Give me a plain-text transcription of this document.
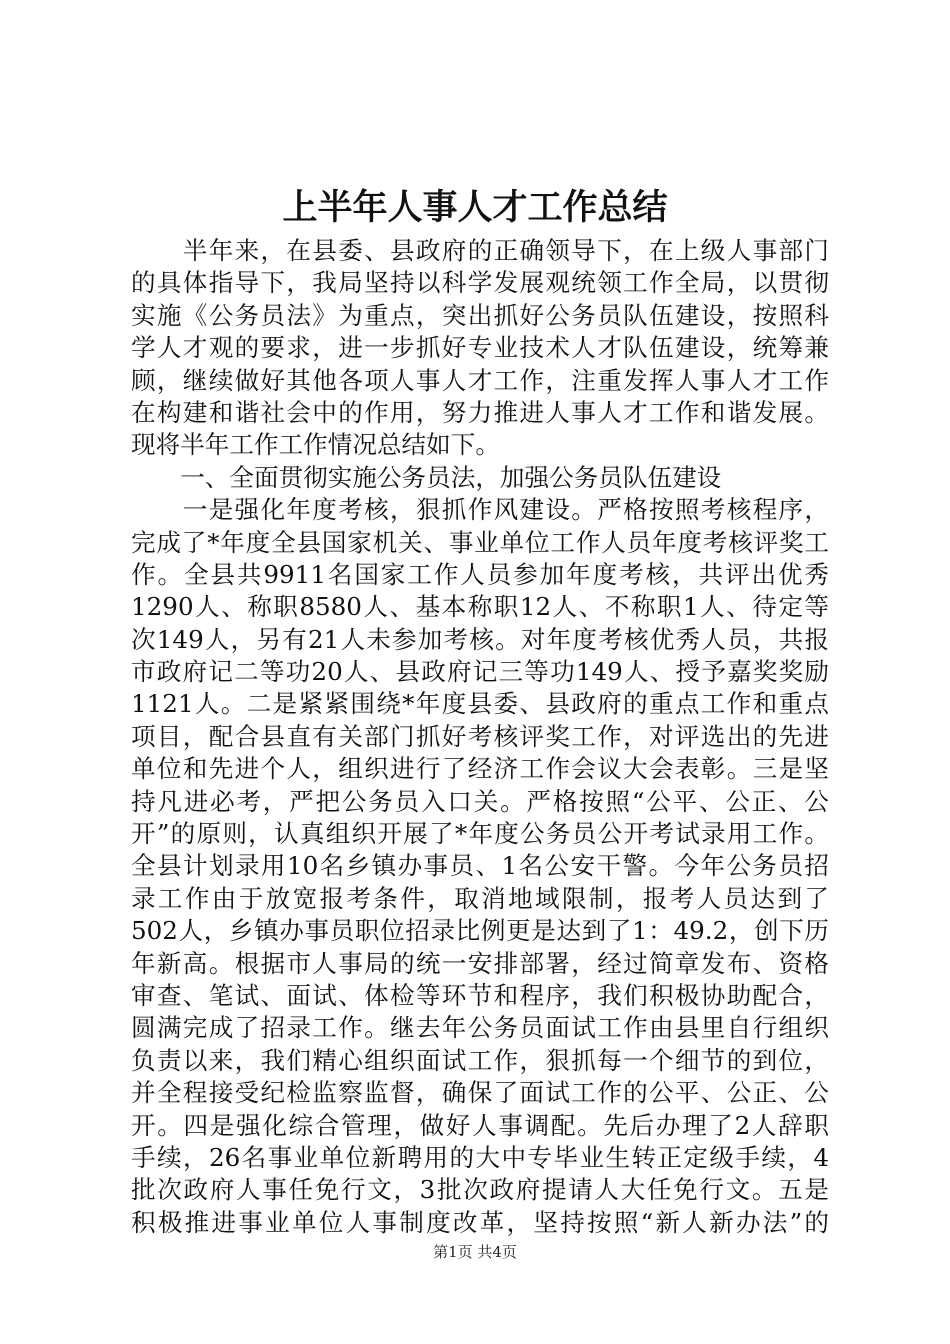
上半年人事人才工作总结
　　半年来，在县委、县政府的正确领导下，在上级人事部门
的具体指导下，我局坚持以科学发展观统领工作全局，以贯彻
实施《公务员法》为重点，突出抓好公务员队伍建设，按照科
学人才观的要求，进一步抓好专业技术人才队伍建设，统筹兼
顾，继续做好其他各项人事人才工作，注重发挥人事人才工作
在构建和谐社会中的作用，努力推进人事人才工作和谐发展。
现将半年工作工作情况总结如下。
　　一、全面贯彻实施公务员法，加强公务员队伍建设
　　一是强化年度考核，狠抓作风建设。严格按照考核程序，
完成了*年度全县国家机关、事业单位工作人员年度考核评奖工
作。全县共9911名国家工作人员参加年度考核，共评出优秀
1290人、称职8580人、基本称职12人、不称职1人、待定等
次149人，另有21人未参加考核。对年度考核优秀人员，共报
市政府记二等功20人、县政府记三等功149人、授予嘉奖奖励
1121人。二是紧紧围绕*年度县委、县政府的重点工作和重点
项目，配合县直有关部门抓好考核评奖工作，对评选出的先进
单位和先进个人，组织进行了经济工作会议大会表彰。三是坚
持凡进必考，严把公务员入口关。严格按照“公平、公正、公
开”的原则，认真组织开展了*年度公务员公开考试录用工作。
全县计划录用10名乡镇办事员、1名公安干警。今年公务员招
录工作由于放宽报考条件，取消地域限制，报考人员达到了
502人，乡镇办事员职位招录比例更是达到了1：49.2，创下历
年新高。根据市人事局的统一安排部署，经过简章发布、资格
审查、笔试、面试、体检等环节和程序，我们积极协助配合，
圆满完成了招录工作。继去年公务员面试工作由县里自行组织
负责以来，我们精心组织面试工作，狠抓每一个细节的到位，
并全程接受纪检监察监督，确保了面试工作的公平、公正、公
开。四是强化综合管理，做好人事调配。先后办理了2人辞职
手续，26名事业单位新聘用的大中专毕业生转正定级手续，4
批次政府人事任免行文，3批次政府提请人大任免行文。五是
积极推进事业单位人事制度改革，坚持按照“新人新办法”的
第1页 共4页
